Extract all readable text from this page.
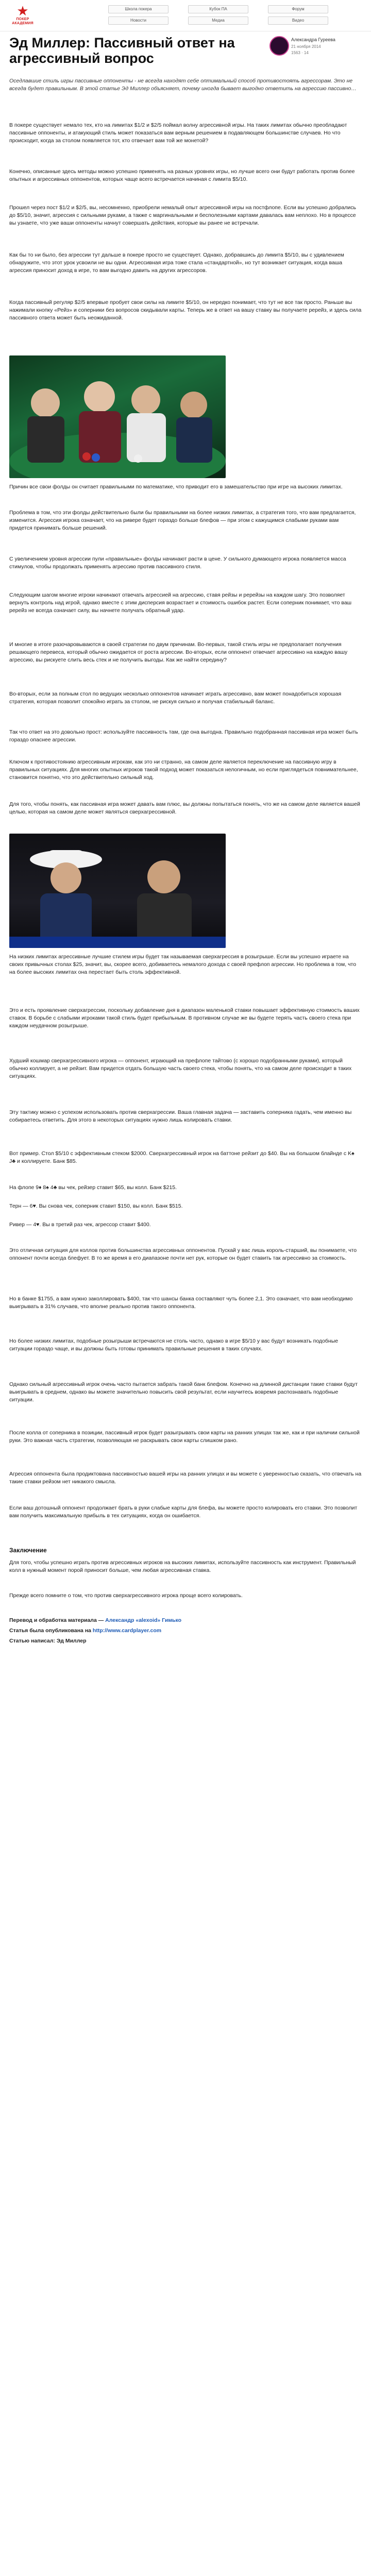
★
ПОКЕР АКАДЕМИЯ
Школа покера	Кубок ПА	Форум
Новости	Медиа	Видео
Эд Миллер: Пассивный ответ на агрессивный вопрос
Александра Гуреева
21 ноября 2014
1563 · 14
Оседлавшие стиль игры пассивные оппоненты - не всегда находят себе оптимальный способ противостоять агрессорам. Это не всегда будет правильным. В этой статье Эд Миллер объясняет, почему иногда бывает выгодно ответить на агрессию пассивно…
В покере существует немало тех, кто на лимитах $1/2 и $2/5 поймал волну агрессивной игры. На таких лимитах обычно преобладают пассивные оппоненты, и атакующий стиль может показаться вам верным решением в подавляющем большинстве случаев. Но что происходит, когда за столом появляется тот, кто отвечает вам той же монетой?
Конечно, описанные здесь методы можно успешно применять на разных уровнях игры, но лучше всего они будут работать против более опытных и агрессивных оппонентов, которых чаще всего встречается начиная с лимита $5/10.
Прошел через пост $1/2 и $2/5, вы, несомненно, приобрели немалый опыт агрессивной игры на постфлопе. Если вы успешно добрались до $5/10, значит, агрессия с сильными руками, а также с маргинальными и бесполезными картами давалась вам неплохо. Но в процессе вы узнаете, что уже ваши оппоненты начнут совершать действия, которые вы ранее не встречали.
Как бы то ни было, без агрессии тут дальше в покере просто не существует. Однако, добравшись до лимита $5/10, вы с удивлением обнаружите, что этот урок усвоили не вы одни. Агрессивная игра тоже стала «стандартной», но тут возникает ситуация, когда ваша агрессия приносит доход в игре, то вам выгодно давить на других агрессоров.
Когда пассивный регуляр $2/5 впервые пробует свои силы на лимите $5/10, он нередко понимает, что тут не все так просто. Раньше вы нажимали кнопку «Рейз» и соперники без вопросов скидывали карты. Теперь же в ответ на вашу ставку вы получаете ререйз, и здесь сила пассивного ответа может быть неожиданной.
Причин все свои фолды он считает правильными по математике, что приводит его в замешательство при игре на высоких лимитах.
Проблема в том, что эти фолды действительно были бы правильными на более низких лимитах, а стратегия того, что вам предлагается, изменится. Агрессия игрока означает, что на ривере будет гораздо больше блефов — при этом с кажущимся слабыми руками вам придется принимать больше решений.
С увеличением уровня агрессии пули «правильные» фолды начинают расти в цене. У сильного думающего игрока появляется масса стимулов, чтобы продолжать применять агрессию против пассивного стиля.
Следующим шагом многие игроки начинают отвечать агрессией на агрессию, ставя рейзы и ререйзы на каждом шагу. Это позволяет вернуть контроль над игрой, однако вместе с этим дисперсия возрастает и стоимость ошибок растет. Если соперник понимает, что ваш ререйз не всегда означает силу, вы начнете получать обратный удар.
И многие в итоге разочаровываются в своей стратегии по двум причинам. Во-первых, такой стиль игры не предполагает получения решающего перевеса, который обычно ожидается от роста агрессии. Во-вторых, если оппонент отвечает агрессивно на каждую вашу агрессию, вы рискуете слить весь стек и не получить выгоды. Как же найти середину?
Во-вторых, если за полным стол по ведущих несколько оппонентов начинает играть агрессивно, вам может понадобиться хорошая стратегия, которая позволит спокойно играть за столом, не рискуя сильно и получая стабильный баланс.
Так что ответ на это довольно прост: используйте пассивность там, где она выгодна. Правильно подобранная пассивная игра может быть гораздо опаснее агрессии.
Ключом к противостоянию агрессивным игрокам, как это ни странно, на самом деле является переключение на пассивную игру в правильных ситуациях. Для многих опытных игроков такой подход может показаться нелогичным, но если приглядеться повнимательнее, становится понятно, что это действительно сильный ход.
Для того, чтобы понять, как пассивная игра может давать вам плюс, вы должны попытаться понять, что же на самом деле является вашей целью, которая на самом деле может являться сверхагрессивной.
На низких лимитах агрессивные лучшие стилем игры будет так называемая сверхагрессия в розыгрыше. Если вы успешно играете на своих привычных столах $25, значит, вы, скорее всего, добиваетесь немалого дохода с своей префлоп агрессии. Но проблема в том, что на более высоких лимитах она перестает быть столь эффективной.
Это и есть проявление сверхагрессии, поскольку добавление дня в диапазон маленькой ставки повышает эффективную стоимость ваших ставок. В борьбе с слабыми игроками такой стиль будет прибыльным. В противном случае же вы будете терять часть своего стека при каждом неудачном розыгрыше.
Худший кошмар сверхагрессивного игрока — оппонент, играющий на префлопе тайтово (с хорошо подобранными руками), который обычно коллирует, а не рейзит. Вам придется отдать большую часть своего стека, чтобы понять, что на самом деле происходит в таких ситуациях.
Эту тактику можно с успехом использовать против сверхагрессии. Ваша главная задача — заставить соперника гадать, чем именно вы собираетесь ответить. Для этого в некоторых ситуациях нужно лишь колировать ставки.
Вот пример. Стол $5/10 с эффективным стеком $2000. Сверхагрессивный игрок на баттоне рейзит до $40. Вы на большом блайнде с K♠ J♣ и коллируете. Банк $85.
На флопе 9♦ 8♠ 4♣ вы чек, рейзер ставит $65, вы колл. Банк $215.
Терн — 6♥. Вы снова чек, соперник ставит $150, вы колл. Банк $515.
Ривер — 4♥. Вы в третий раз чек, агрессор ставит $400.
Это отличная ситуация для коллов против большинства агрессивных оппонентов. Пускай у вас лишь король-старший, вы понимаете, что оппонент почти всегда блефует. В то же время в его диапазоне почти нет рук, которые он будет ставить так агрессивно за стоимость.
Но в банке $1755, а вам нужно заколлировать $400, так что шансы банка составляют чуть более 2,1. Это означает, что вам необходимо выигрывать в 31% случаев, что вполне реально против такого оппонента.
Но более низких лимитах, подобные розыгрыши встречаются не столь часто, однако в игре $5/10 у вас будут возникать подобные ситуации гораздо чаще, и вы должны быть готовы принимать правильные решения в таких случаях.
Однако сильный агрессивный игрок очень часто пытается забрать такой банк блефом. Конечно на длинной дистанции такие ставки будут выигрывать в среднем, однако вы можете значительно повысить свой результат, если научитесь вовремя распознавать подобные ситуации.
После колла от соперника в позиции, пассивный игрок будет разыгрывать свои карты на ранних улицах так же, как и при наличии сильной руки. Это важная часть стратегии, позволяющая не раскрывать свои карты слишком рано.
Агрессия оппонента была продиктована пассивностью вашей игры на ранних улицах и вы можете с уверенностью сказать, что отвечать на такие ставки рейзом нет никакого смысла.
Если ваш дотошный оппонент продолжает брать в руки слабые карты для блефа, вы можете просто колировать его ставки. Это позволит вам получить максимальную прибыль в тех ситуациях, когда он ошибается.
Заключение
Для того, чтобы успешно играть против агрессивных игроков на высоких лимитах, используйте пассивность как инструмент. Правильный колл в нужный момент порой приносит больше, чем любая агрессивная ставка.
Прежде всего помните о том, что против сверхагрессивного игрока проще всего колировать.
Перевод и обработка материала — Александр «alexoid» Гимько
Статья была опубликована на http://www.cardplayer.com
Статью написал: Эд Миллер
